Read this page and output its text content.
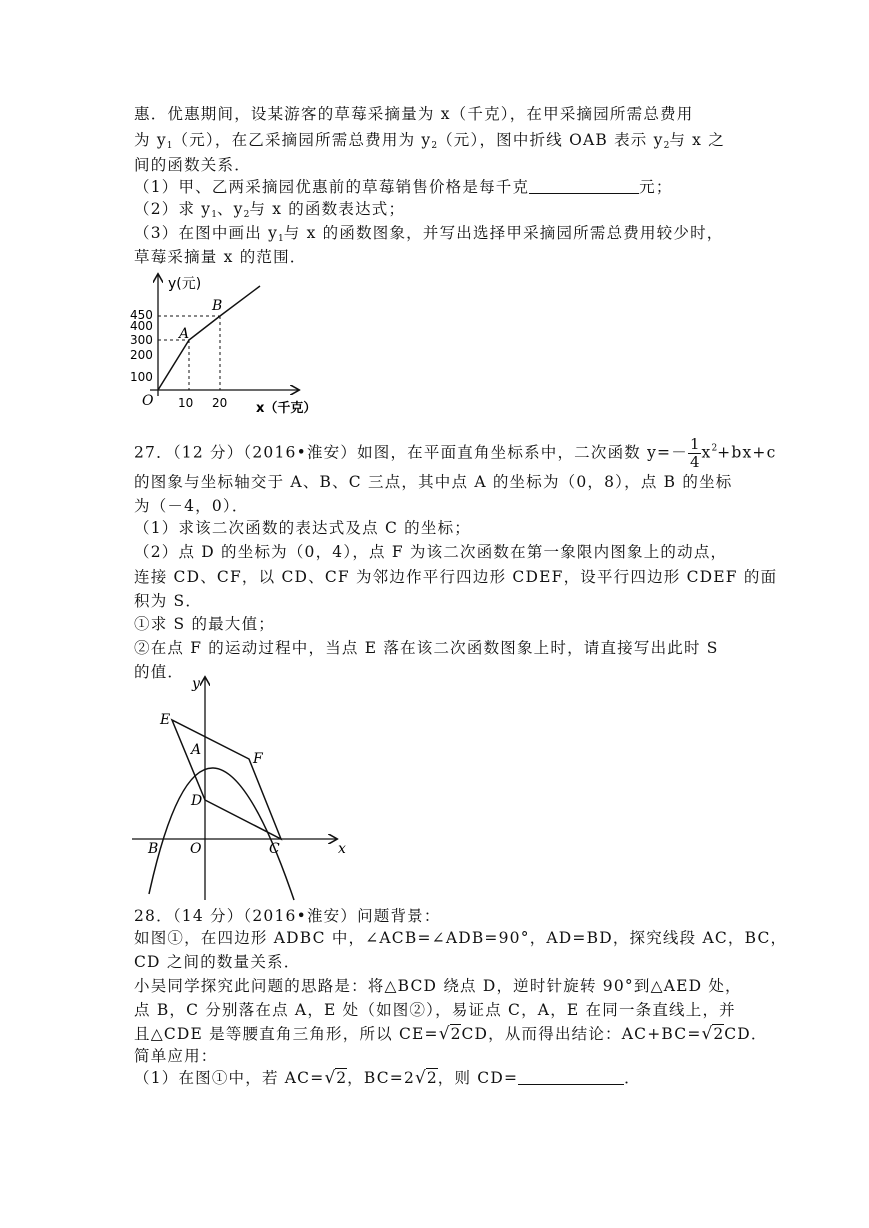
惠．优惠期间，设某游客的草莓采摘量为 x（千克），在甲采摘园所需总费用
为 $y_1$（元），在乙采摘园所需总费用为 $y_2$（元），图中折线 OAB 表示 $y_2$与 x 之
间的函数关系．
（1）甲、乙两采摘园优惠前的草莓销售价格是每千克	元；
（2）求 $y_1$、$y_2$与 x 的函数表达式；
（3）在图中画出 $y_1$与 x 的函数图象，并写出选择甲采摘园所需总费用较少时，
草莓采摘量 x 的范围．
y(元)
x（千克）
O
450
400
300
200
100
10 20
A
B
27．（12 分）（2016•淮安）如图，在平面直角坐标系中，二次函数 $y=- \frac{1}{4} x^2+bx+c$
的图象与坐标轴交于 A、B、C 三点，其中点 A 的坐标为（0，8），点 B 的坐标
为（－4，0）．
（1）求该二次函数的表达式及点 C 的坐标；
（2）点 D 的坐标为（0，4），点 F 为该二次函数在第一象限内图象上的动点，
连接 CD、CF，以 CD、CF 为邻边作平行四边形 CDEF，设平行四边形 CDEF 的面
积为 S．
①求 S 的最大值；
②在点 F 的运动过程中，当点 E 落在该二次函数图象上时，请直接写出此时 S
的值．
y
x
E
A
F
D
B O	C
28．（14 分）（2016•淮安）问题背景：
如图①，在四边形 ADBC 中，∠ACB=∠ADB=90°，AD=BD，探究线段 AC，BC，
CD 之间的数量关系．
小吴同学探究此问题的思路是：将△BCD 绕点 D，逆时针旋转 90°到△AED 处，
点 B，C 分别落在点 A，E 处（如图②），易证点 C，A，E 在同一条直线上，并
且△CDE 是等腰直角三角形，所以 CE=√2CD，从而得出结论：AC+BC=√2CD．
简单应用：
（1）在图①中，若 AC=√2，BC=2√2，则 CD=	．
